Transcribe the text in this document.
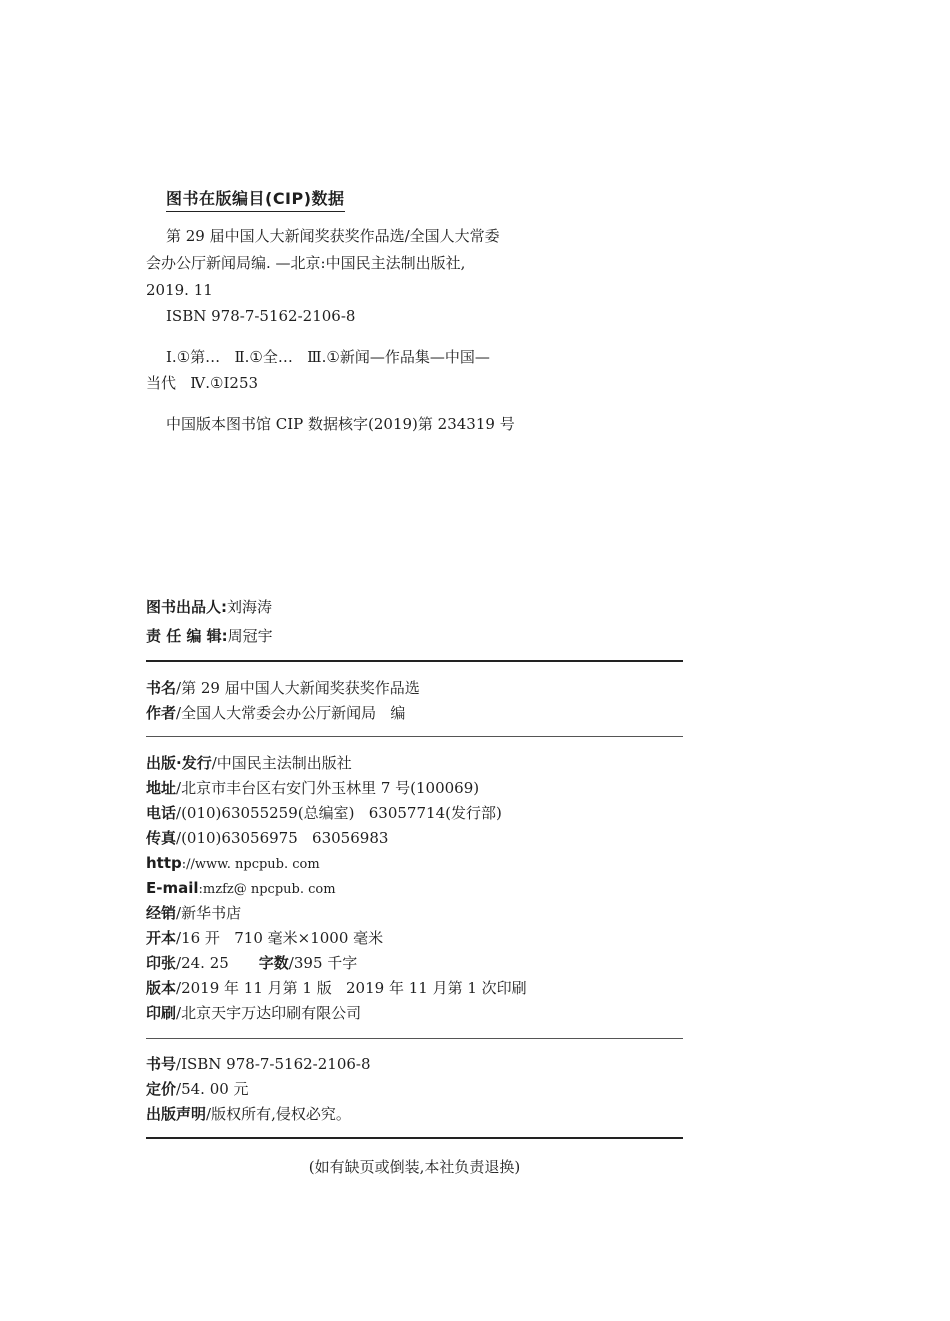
图书在版编目(CIP)数据
第 29 届中国人大新闻奖获奖作品选/全国人大常委
会办公厅新闻局编. —北京:中国民主法制出版社,
2019. 11
ISBN 978-7-5162-2106-8
Ⅰ.①第…   Ⅱ.①全…   Ⅲ.①新闻—作品集—中国—
当代   Ⅳ.①I253
中国版本图书馆 CIP 数据核字(2019)第 234319 号
图书出品人:刘海涛
责 任 编 辑:周冠宇
书名/第 29 届中国人大新闻奖获奖作品选
作者/全国人大常委会办公厅新闻局   编
出版·发行/中国民主法制出版社
地址/北京市丰台区右安门外玉林里 7 号(100069)
电话/(010)63055259(总编室)   63057714(发行部)
传真/(010)63056975   63056983
http://www. npcpub. com
E-mail:mzfz@ npcpub. com
经销/新华书店
开本/16 开   710 毫米×1000 毫米
印张/24. 25 字数/395 千字
版本/2019 年 11 月第 1 版   2019 年 11 月第 1 次印刷
印刷/北京天宇万达印刷有限公司
书号/ISBN 978-7-5162-2106-8
定价/54. 00 元
出版声明/版权所有,侵权必究。
(如有缺页或倒装,本社负责退换)
